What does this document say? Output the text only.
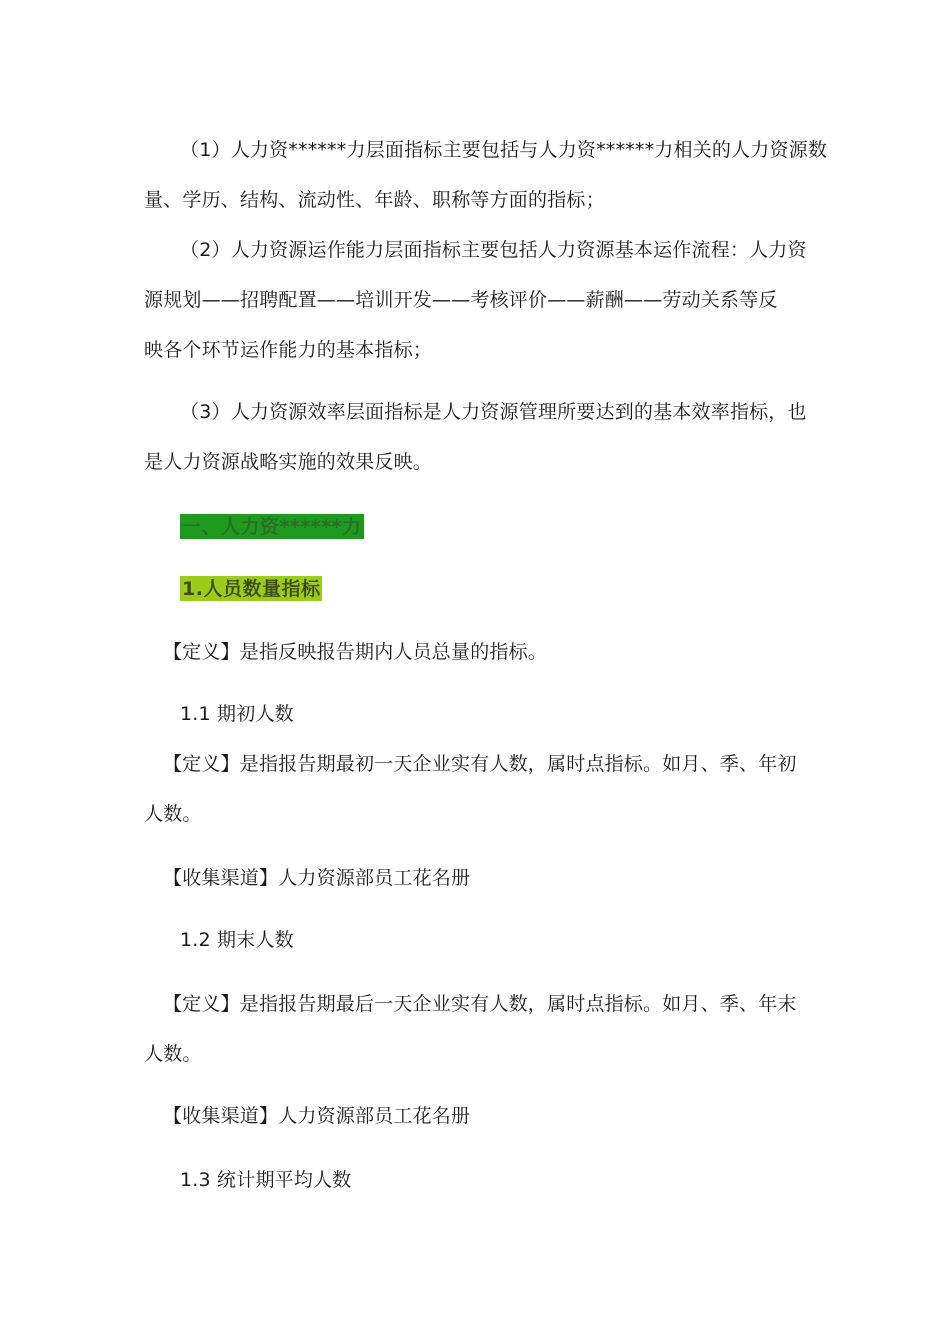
（1）人力资******力层面指标主要包括与人力资******力相关的人力资源数
量、学历、结构、流动性、年龄、职称等方面的指标；
（2）人力资源运作能力层面指标主要包括人力资源基本运作流程：人力资
源规划——招聘配置——培训开发——考核评价——薪酬——劳动关系等反
映各个环节运作能力的基本指标；
（3）人力资源效率层面指标是人力资源管理所要达到的基本效率指标，也
是人力资源战略实施的效果反映。
一、人力资******力
1.人员数量指标
【定义】是指反映报告期内人员总量的指标。
1.1 期初人数
【定义】是指报告期最初一天企业实有人数，属时点指标。如月、季、年初
人数。
【收集渠道】人力资源部员工花名册
1.2 期末人数
【定义】是指报告期最后一天企业实有人数，属时点指标。如月、季、年末
人数。
【收集渠道】人力资源部员工花名册
1.3 统计期平均人数
